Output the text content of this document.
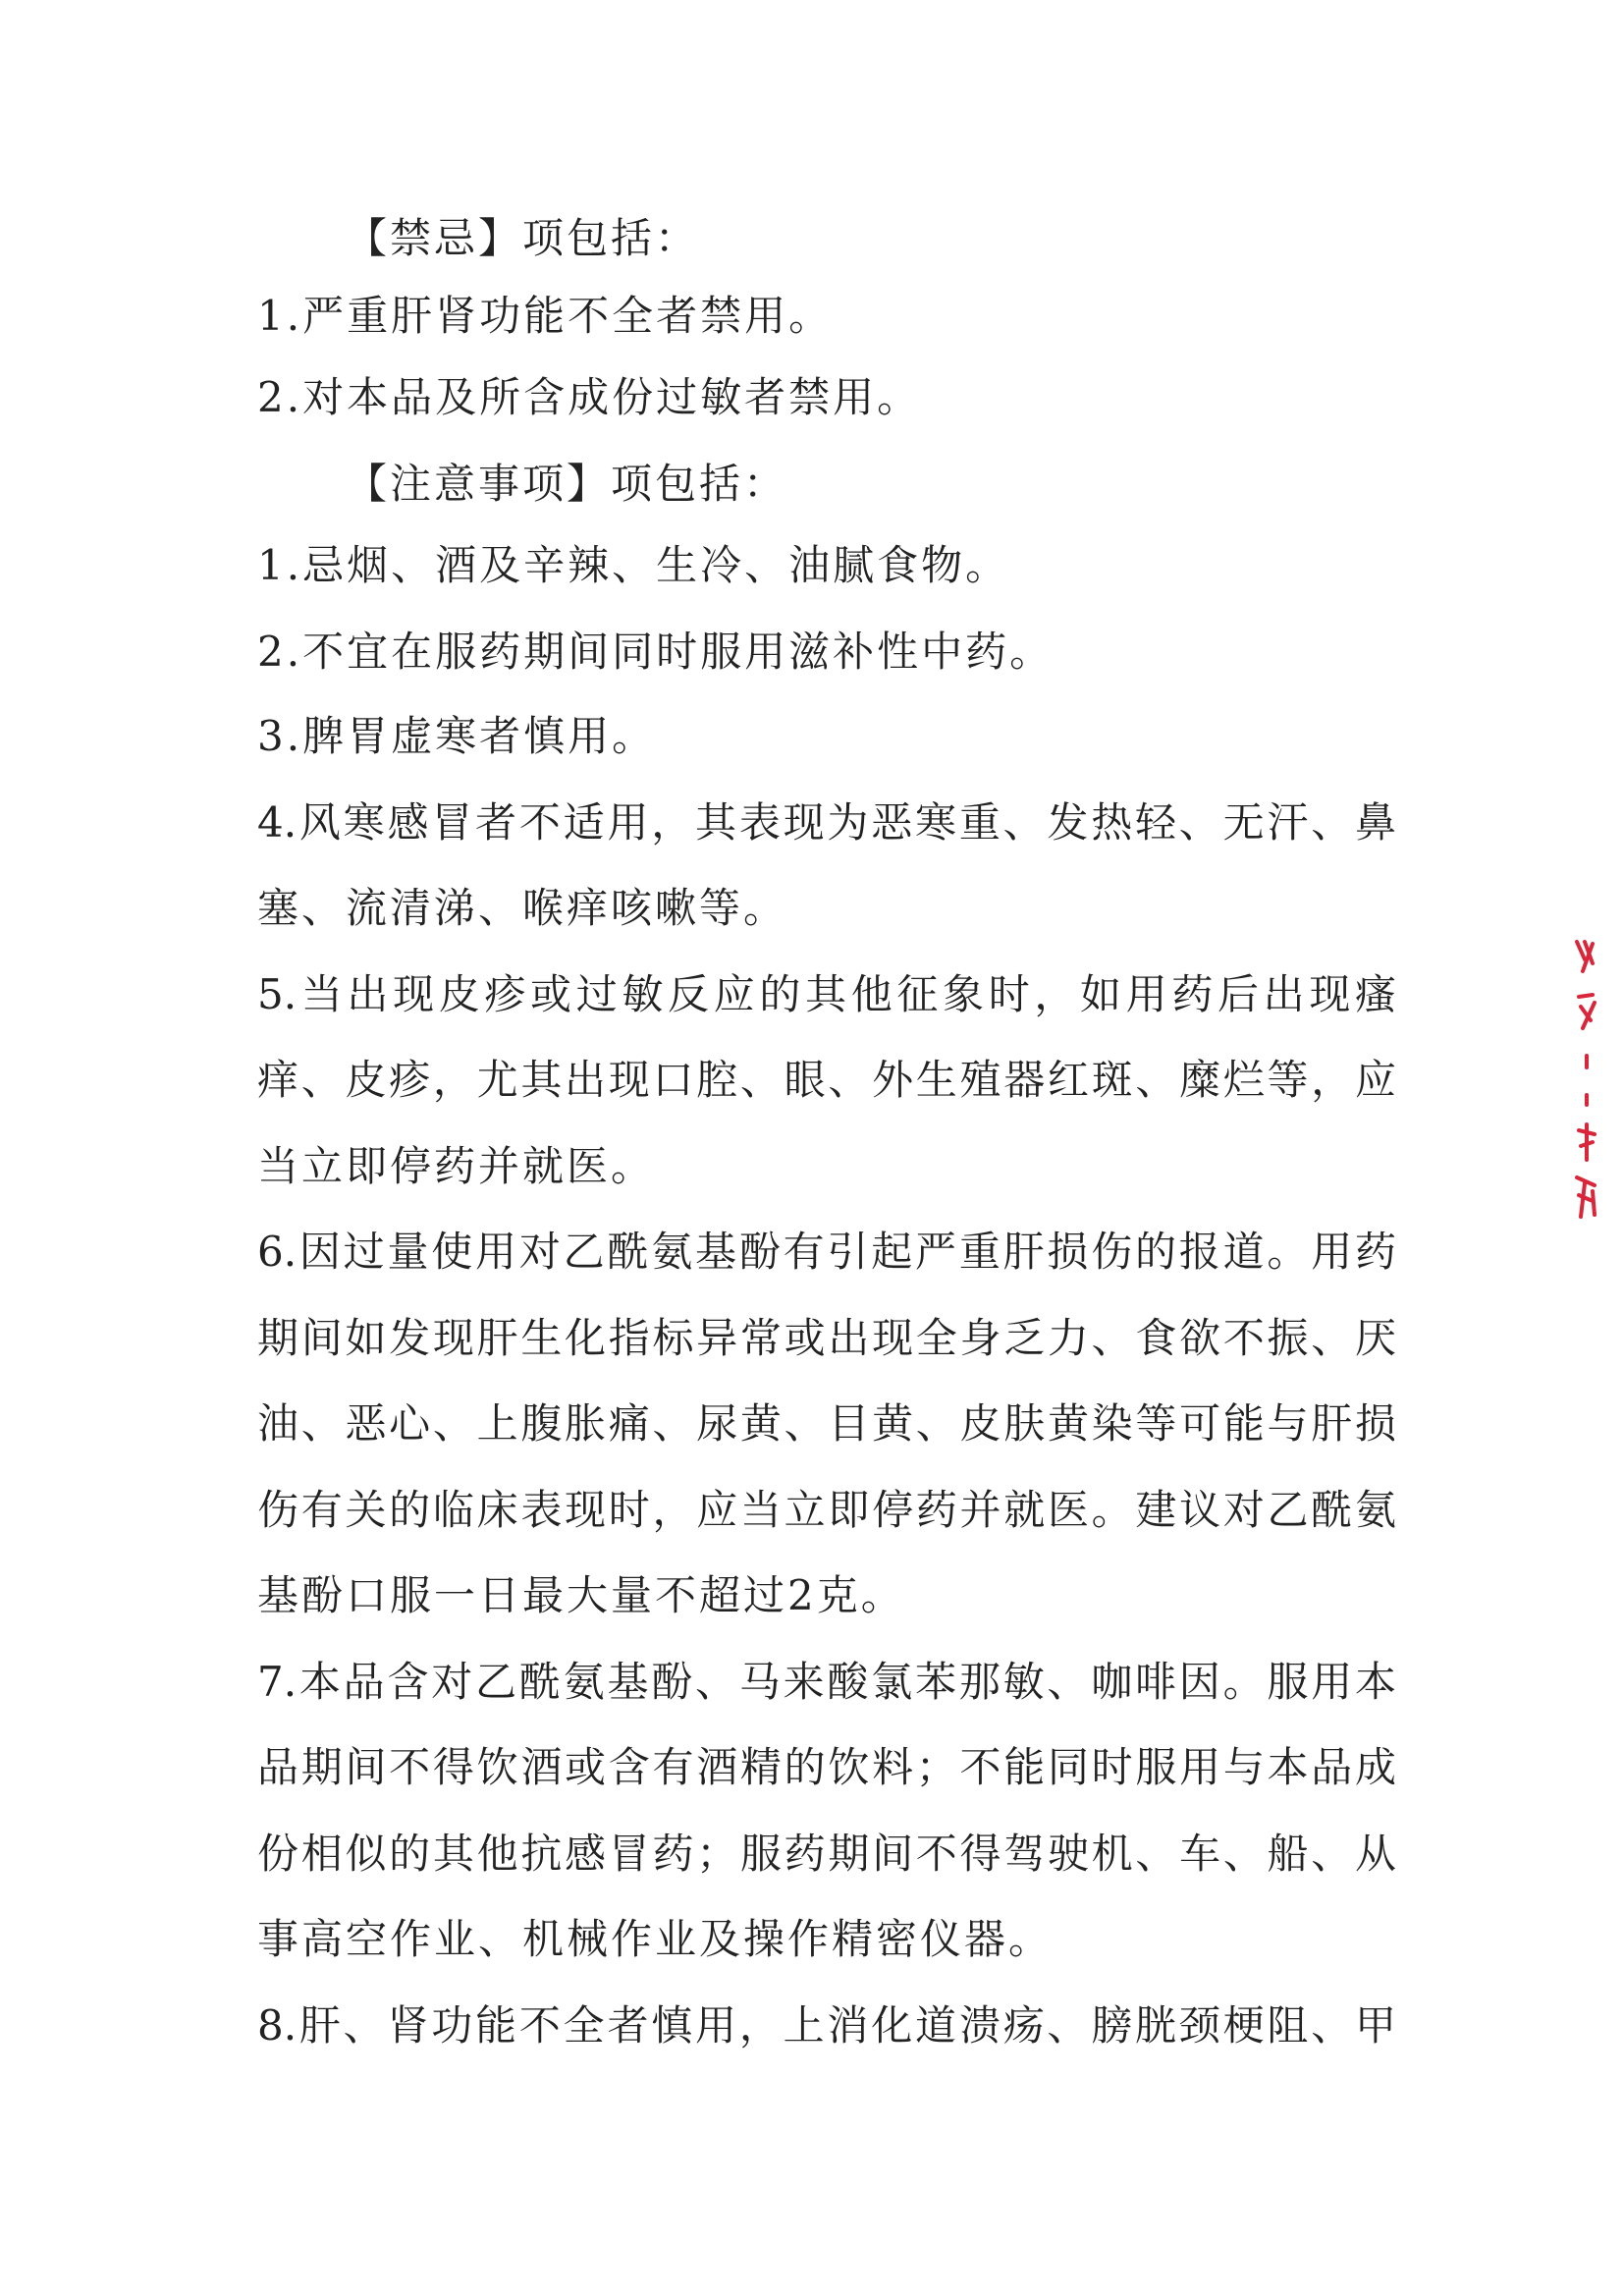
【禁忌】项包括：
1.严重肝肾功能不全者禁用。
2.对本品及所含成份过敏者禁用。
【注意事项】项包括：
1.忌烟、酒及辛辣、生冷、油腻食物。
2.不宜在服药期间同时服用滋补性中药。
3.脾胃虚寒者慎用。
4.风寒感冒者不适用，其表现为恶寒重、发热轻、无汗、鼻
塞、流清涕、喉痒咳嗽等。
5.当出现皮疹或过敏反应的其他征象时，如用药后出现瘙
痒、皮疹，尤其出现口腔、眼、外生殖器红斑、糜烂等，应
当立即停药并就医。
6.因过量使用对乙酰氨基酚有引起严重肝损伤的报道。用药
期间如发现肝生化指标异常或出现全身乏力、食欲不振、厌
油、恶心、上腹胀痛、尿黄、目黄、皮肤黄染等可能与肝损
伤有关的临床表现时，应当立即停药并就医。建议对乙酰氨
基酚口服一日最大量不超过2克。
7.本品含对乙酰氨基酚、马来酸氯苯那敏、咖啡因。服用本
品期间不得饮酒或含有酒精的饮料；不能同时服用与本品成
份相似的其他抗感冒药；服药期间不得驾驶机、车、船、从
事高空作业、机械作业及操作精密仪器。
8.肝、肾功能不全者慎用，上消化道溃疡、膀胱颈梗阻、甲
